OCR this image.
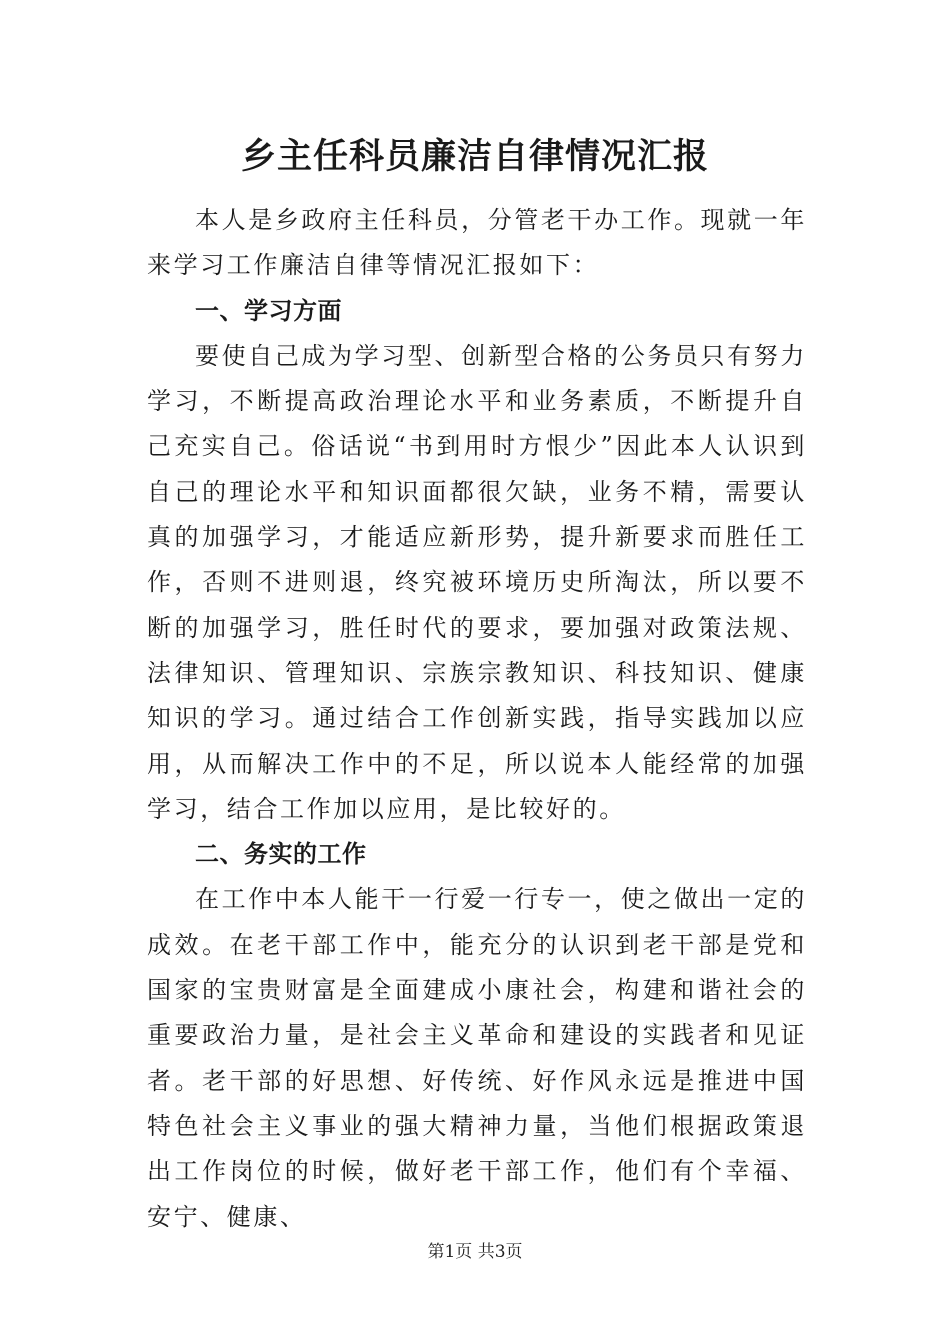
乡主任科员廉洁自律情况汇报

本人是乡政府主任科员，分管老干办工作。现就一年来学习工作廉洁自律等情况汇报如下：

一、学习方面

要使自己成为学习型、创新型合格的公务员只有努力学习，不断提高政治理论水平和业务素质，不断提升自己充实自己。俗话说“书到用时方恨少”因此本人认识到自己的理论水平和知识面都很欠缺，业务不精，需要认真的加强学习，才能适应新形势，提升新要求而胜任工作，否则不进则退，终究被环境历史所淘汰，所以要不断的加强学习，胜任时代的要求，要加强对政策法规、法律知识、管理知识、宗族宗教知识、科技知识、健康知识的学习。通过结合工作创新实践，指导实践加以应用，从而解决工作中的不足，所以说本人能经常的加强学习，结合工作加以应用，是比较好的。

二、务实的工作

在工作中本人能干一行爱一行专一，使之做出一定的成效。在老干部工作中，能充分的认识到老干部是党和国家的宝贵财富是全面建成小康社会，构建和谐社会的重要政治力量，是社会主义革命和建设的实践者和见证者。老干部的好思想、好传统、好作风永远是推进中国特色社会主义事业的强大精神力量，当他们根据政策退出工作岗位的时候，做好老干部工作，他们有个幸福、安宁、健康、

第1页 共3页
